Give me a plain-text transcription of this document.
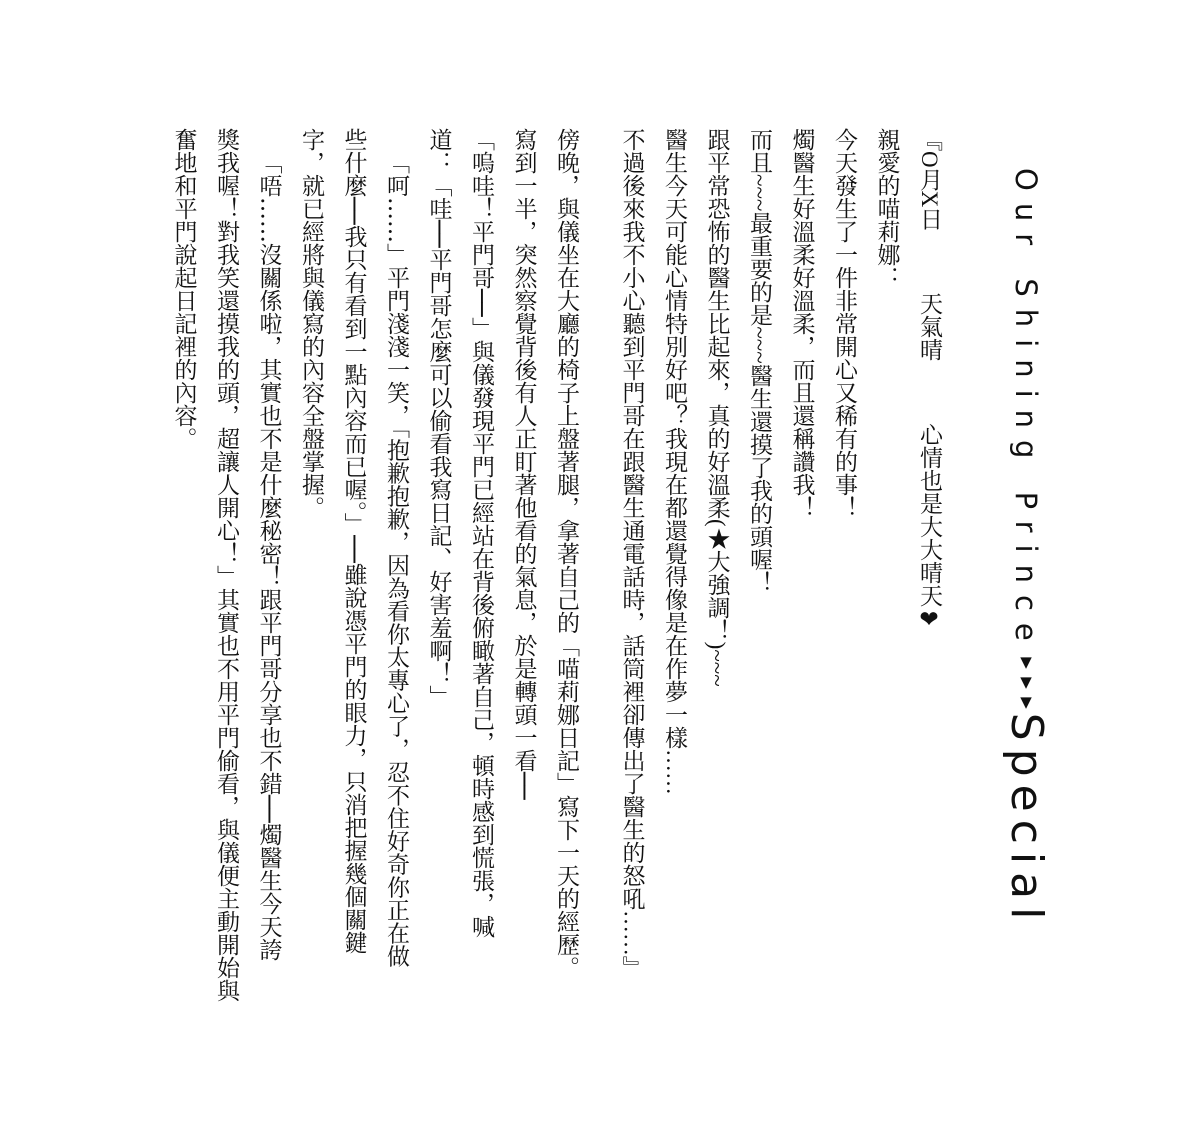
Our Shining Prince▼▼▼Special
『O月X日天氣晴心情也是大大晴天❤
親愛的喵莉娜：
今天發生了一件非常開心又稀有的事！
燭醫生好溫柔好溫柔，而且還稱讚我！
而且~~~最重要的是~~~醫生還摸了我的頭喔！
跟平常恐怖的醫生比起來，真的好溫柔(★大強調！)~~~
醫生今天可能心情特別好吧？我現在都還覺得像是在作夢一樣……
不過後來我不小心聽到平門哥在跟醫生通電話時，話筒裡卻傳出了醫生的怒吼……』
傍晚，與儀坐在大廳的椅子上盤著腿，拿著自己的「喵莉娜日記」寫下一天的經歷。
寫到一半，突然察覺背後有人正盯著他看的氣息，於是轉頭一看──
「嗚哇！平門哥──」與儀發現平門已經站在背後俯瞰著自己，頓時感到慌張，喊
道：「哇──平門哥怎麼可以偷看我寫日記、好害羞啊！」
「呵……」平門淺淺一笑，「抱歉抱歉，因為看你太專心了，忍不住好奇你正在做
些什麼──我只有看到一點內容而已喔。」──雖說憑平門的眼力，只消把握幾個關鍵
字，就已經將與儀寫的內容全盤掌握。
「唔……沒關係啦，其實也不是什麼秘密！跟平門哥分享也不錯──燭醫生今天誇
獎我喔！對我笑還摸我的頭，超讓人開心！」其實也不用平門偷看，與儀便主動開始與
奮地和平門說起日記裡的內容。
